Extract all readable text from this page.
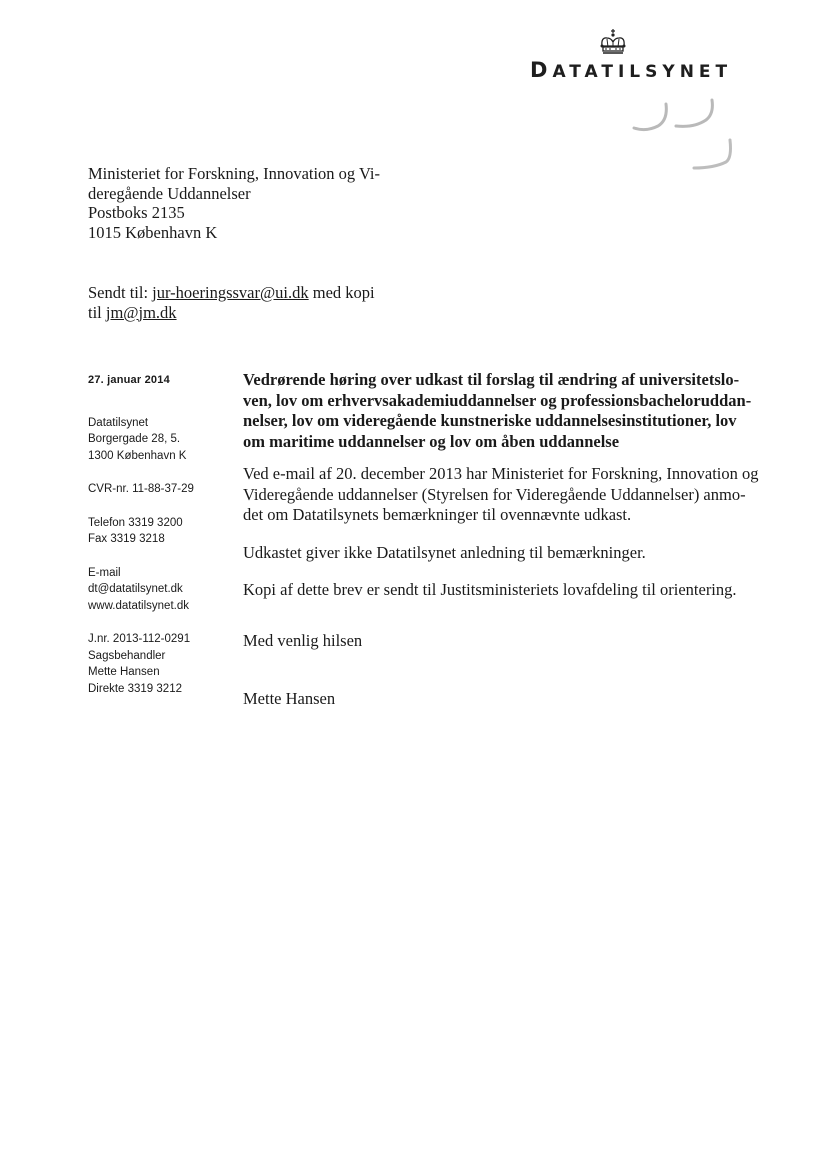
DATATILSYNET
Ministeriet for Forskning, Innovation og Vi-
deregående Uddannelser
Postboks 2135
1015 København K
Sendt til: jur-hoeringssvar@ui.dk med kopi
til jm@jm.dk
27. januar 2014
Datatilsynet
Borgergade 28, 5.
1300 København K
CVR-nr. 11-88-37-29
Telefon 3319 3200
Fax 3319 3218
E-mail
dt@datatilsynet.dk
www.datatilsynet.dk
J.nr. 2013-112-0291
Sagsbehandler
Mette Hansen
Direkte 3319 3212
Vedrørende høring over udkast til forslag til ændring af universitetslo-
ven, lov om erhvervsakademiuddannelser og professionsbacheloruddan-
nelser, lov om videregående kunstneriske uddannelsesinstitutioner, lov
om maritime uddannelser og lov om åben uddannelse
Ved e-mail af 20. december 2013 har Ministeriet for Forskning, Innovation og
Videregående uddannelser (Styrelsen for Videregående Uddannelser) anmo-
det om Datatilsynets bemærkninger til ovennævnte udkast.
Udkastet giver ikke Datatilsynet anledning til bemærkninger.
Kopi af dette brev er sendt til Justitsministeriets lovafdeling til orientering.
Med venlig hilsen
Mette Hansen
